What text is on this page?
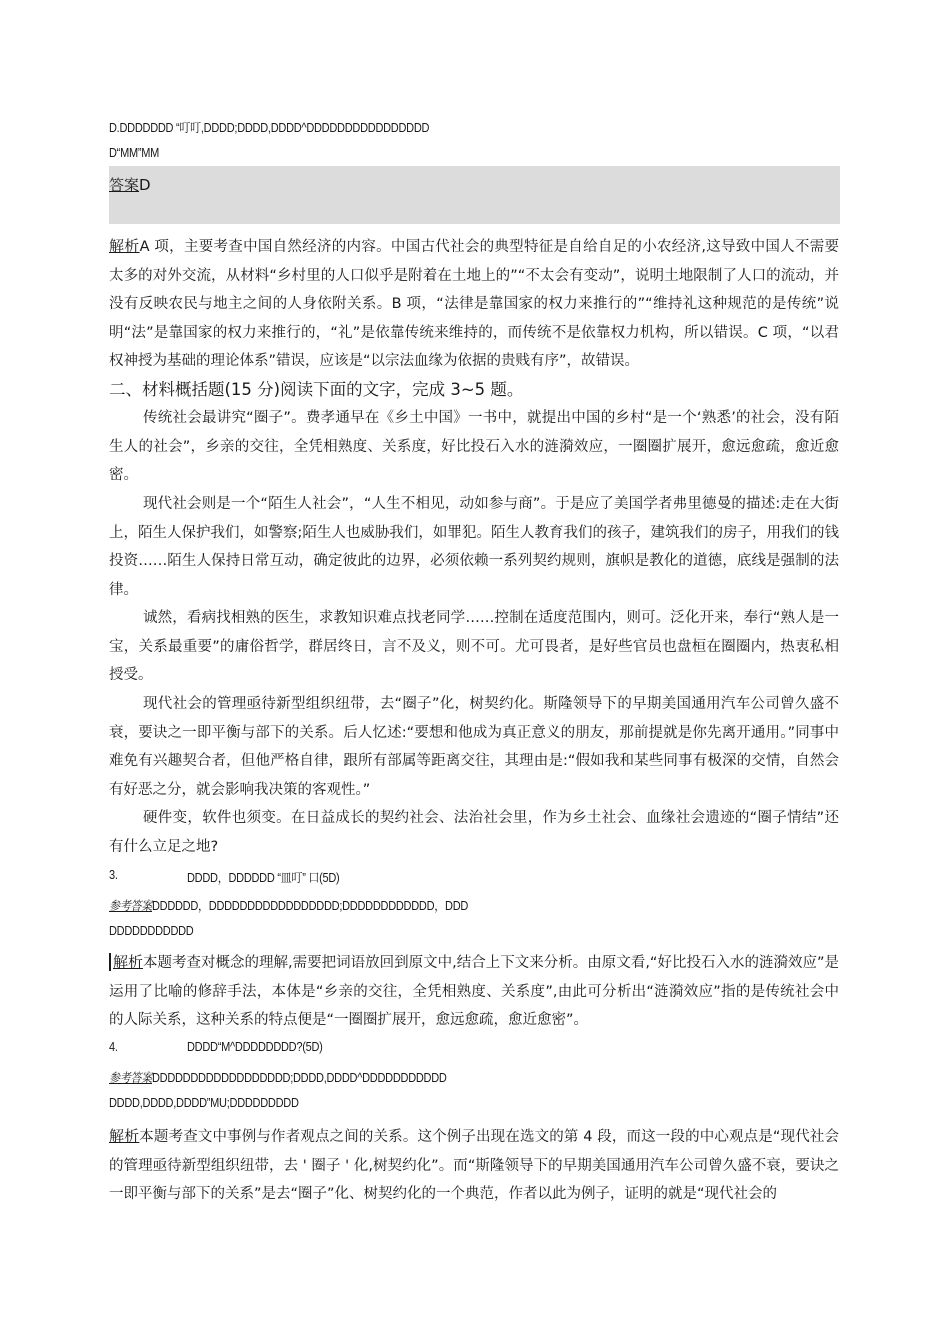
D.DDDDDDD “叮叮,DDDD;DDDD,DDDD^DDDDDDDDDDDDDDDD
D“MM”MM
答案D
解析A 项，主要考查中国自然经济的内容。中国古代社会的典型特征是自给自足的小农经济,这导致中国人不需要太多的对外交流，从材料“乡村里的人口似乎是附着在土地上的”“不太会有变动”，说明土地限制了人口的流动，并没有反映农民与地主之间的人身依附关系。B 项，“法律是靠国家的权力来推行的”“维持礼这种规范的是传统”说明“法”是靠国家的权力来推行的，“礼”是依靠传统来维持的，而传统不是依靠权力机构，所以错误。C 项，“以君权神授为基础的理论体系”错误，应该是“以宗法血缘为依据的贵贱有序”，故错误。
二、材料概括题(15 分)阅读下面的文字，完成 3~5 题。
传统社会最讲究“圈子”。费孝通早在《乡土中国》一书中，就提出中国的乡村“是一个‘熟悉’的社会，没有陌生人的社会”，乡亲的交往，全凭相熟度、关系度，好比投石入水的涟漪效应，一圈圈扩展开，愈远愈疏，愈近愈密。
现代社会则是一个“陌生人社会”，“人生不相见，动如参与商”。于是应了美国学者弗里德曼的描述:走在大街上，陌生人保护我们，如警察;陌生人也威胁我们，如罪犯。陌生人教育我们的孩子，建筑我们的房子，用我们的钱投资……陌生人保持日常互动，确定彼此的边界，必须依赖一系列契约规则，旗帜是教化的道德，底线是强制的法律。
诚然，看病找相熟的医生，求教知识难点找老同学……控制在适度范围内，则可。泛化开来，奉行“熟人是一宝，关系最重要”的庸俗哲学，群居终日，言不及义，则不可。尤可畏者，是好些官员也盘桓在圈圈内，热衷私相授受。
现代社会的管理亟待新型组织纽带，去“圈子”化，树契约化。斯隆领导下的早期美国通用汽车公司曾久盛不衰，要诀之一即平衡与部下的关系。后人忆述:“要想和他成为真正意义的朋友，那前提就是你先离开通用。”同事中难免有兴趣契合者，但他严格自律，跟所有部属等距离交往，其理由是:“假如我和某些同事有极深的交情，自然会有好恶之分，就会影响我决策的客观性。”
硬件变，软件也须变。在日益成长的契约社会、法治社会里，作为乡土社会、血缘社会遗迹的“圈子情结”还有什么立足之地?
3.	DDDD，DDDDDD “皿叮” 口(5D)
参考答案DDDDDD，DDDDDDDDDDDDDDDDD;DDDDDDDDDDDD，DDD
DDDDDDDDDDD
解析本题考查对概念的理解,需要把词语放回到原文中,结合上下文来分析。由原文看,“好比投石入水的涟漪效应”是运用了比喻的修辞手法，本体是“乡亲的交往，全凭相熟度、关系度”,由此可分析出“涟漪效应”指的是传统社会中的人际关系，这种关系的特点便是“一圈圈扩展开，愈远愈疏，愈近愈密”。
4.	DDDD“M^DDDDDDDD?(5D)
参考答案DDDDDDDDDDDDDDDDDD;DDDD,DDDD^DDDDDDDDDDD
DDDD,DDDD,DDDD”MU;DDDDDDDDD
解析本题考查文中事例与作者观点之间的关系。这个例子出现在选文的第 4 段，而这一段的中心观点是“现代社会的管理亟待新型组织纽带，去 ' 圈子 ' 化,树契约化”。而“斯隆领导下的早期美国通用汽车公司曾久盛不衰，要诀之一即平衡与部下的关系”是去“圈子”化、树契约化的一个典范，作者以此为例子，证明的就是“现代社会的
